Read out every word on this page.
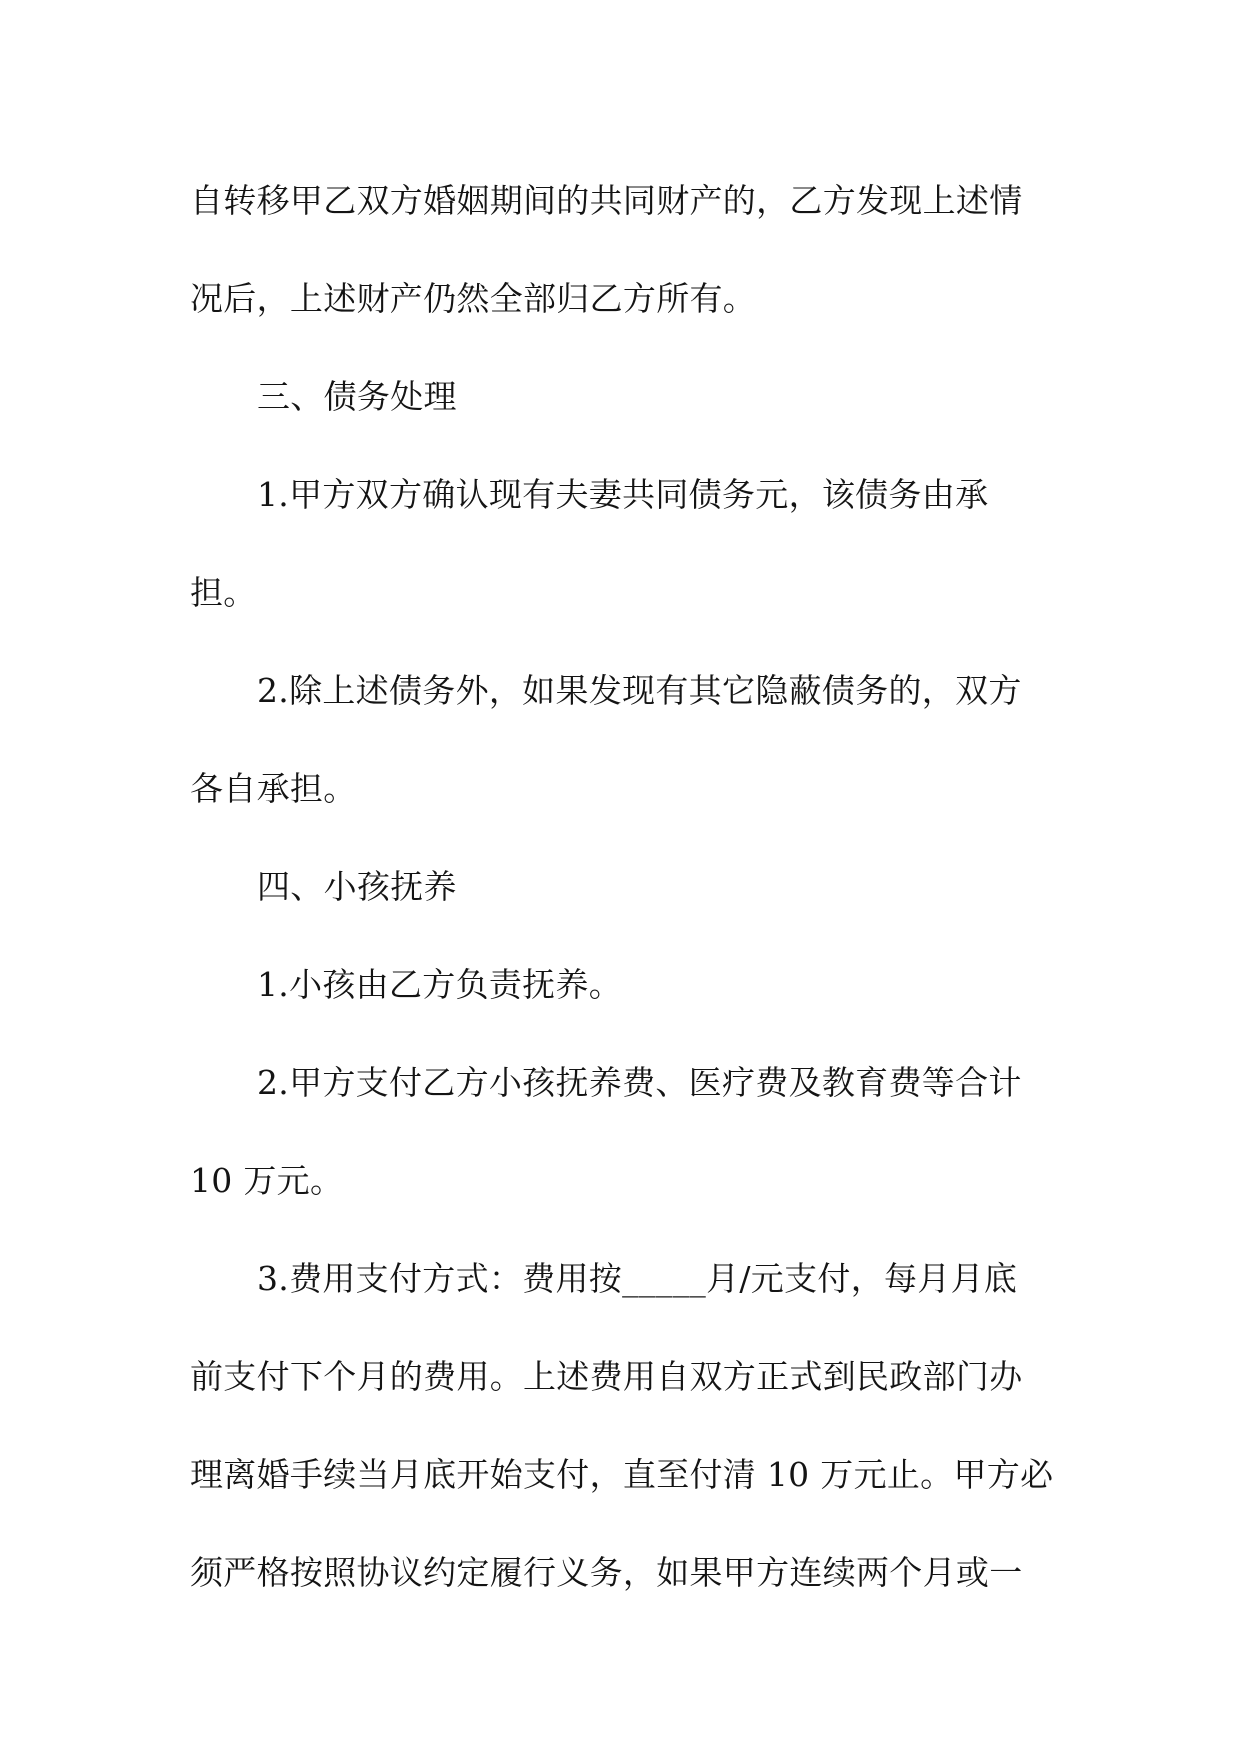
自转移甲乙双方婚姻期间的共同财产的，乙方发现上述情

况后，上述财产仍然全部归乙方所有。

三、债务处理

1.甲方双方确认现有夫妻共同债务元，该债务由承

担。

2.除上述债务外，如果发现有其它隐蔽债务的，双方

各自承担。

四、小孩抚养

1.小孩由乙方负责抚养。

2.甲方支付乙方小孩抚养费、医疗费及教育费等合计

10 万元。

3.费用支付方式：费用按_____月/元支付，每月月底

前支付下个月的费用。上述费用自双方正式到民政部门办

理离婚手续当月底开始支付，直至付清 10 万元止。甲方必

须严格按照协议约定履行义务，如果甲方连续两个月或一
